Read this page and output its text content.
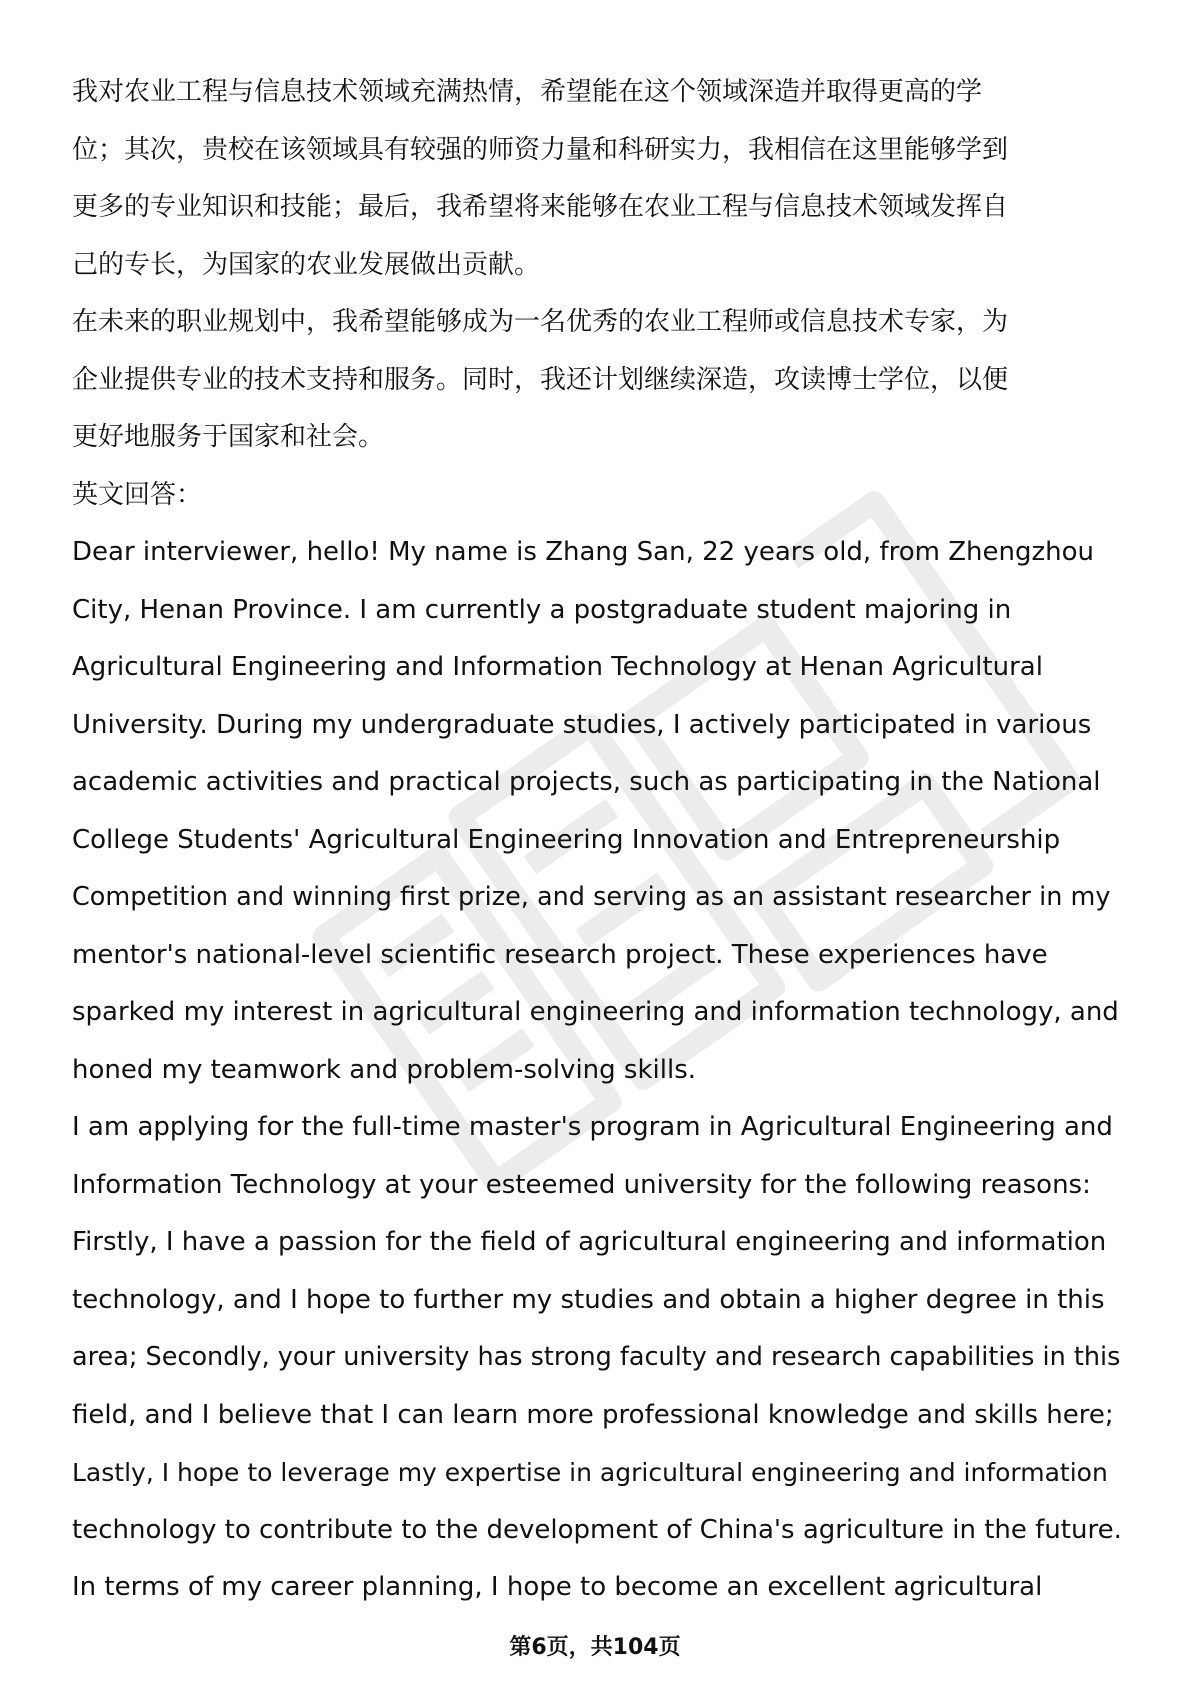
我对农业工程与信息技术领域充满热情，希望能在这个领域深造并取得更高的学
位；其次，贵校在该领域具有较强的师资力量和科研实力，我相信在这里能够学到
更多的专业知识和技能；最后，我希望将来能够在农业工程与信息技术领域发挥自
己的专长，为国家的农业发展做出贡献。
在未来的职业规划中，我希望能够成为一名优秀的农业工程师或信息技术专家，为
企业提供专业的技术支持和服务。同时，我还计划继续深造，攻读博士学位，以便
更好地服务于国家和社会。
英文回答：
Dear interviewer, hello! My name is Zhang San, 22 years old, from Zhengzhou
City, Henan Province. I am currently a postgraduate student majoring in
Agricultural Engineering and Information Technology at Henan Agricultural
University. During my undergraduate studies, I actively participated in various
academic activities and practical projects, such as participating in the National
College Students' Agricultural Engineering Innovation and Entrepreneurship
Competition and winning first prize, and serving as an assistant researcher in my
mentor's national-level scientific research project. These experiences have
sparked my interest in agricultural engineering and information technology, and
honed my teamwork and problem-solving skills.
I am applying for the full-time master's program in Agricultural Engineering and
Information Technology at your esteemed university for the following reasons:
Firstly, I have a passion for the field of agricultural engineering and information
technology, and I hope to further my studies and obtain a higher degree in this
area; Secondly, your university has strong faculty and research capabilities in this
field, and I believe that I can learn more professional knowledge and skills here;
Lastly, I hope to leverage my expertise in agricultural engineering and information
technology to contribute to the development of China's agriculture in the future.
In terms of my career planning, I hope to become an excellent agricultural
第6页，共104页
